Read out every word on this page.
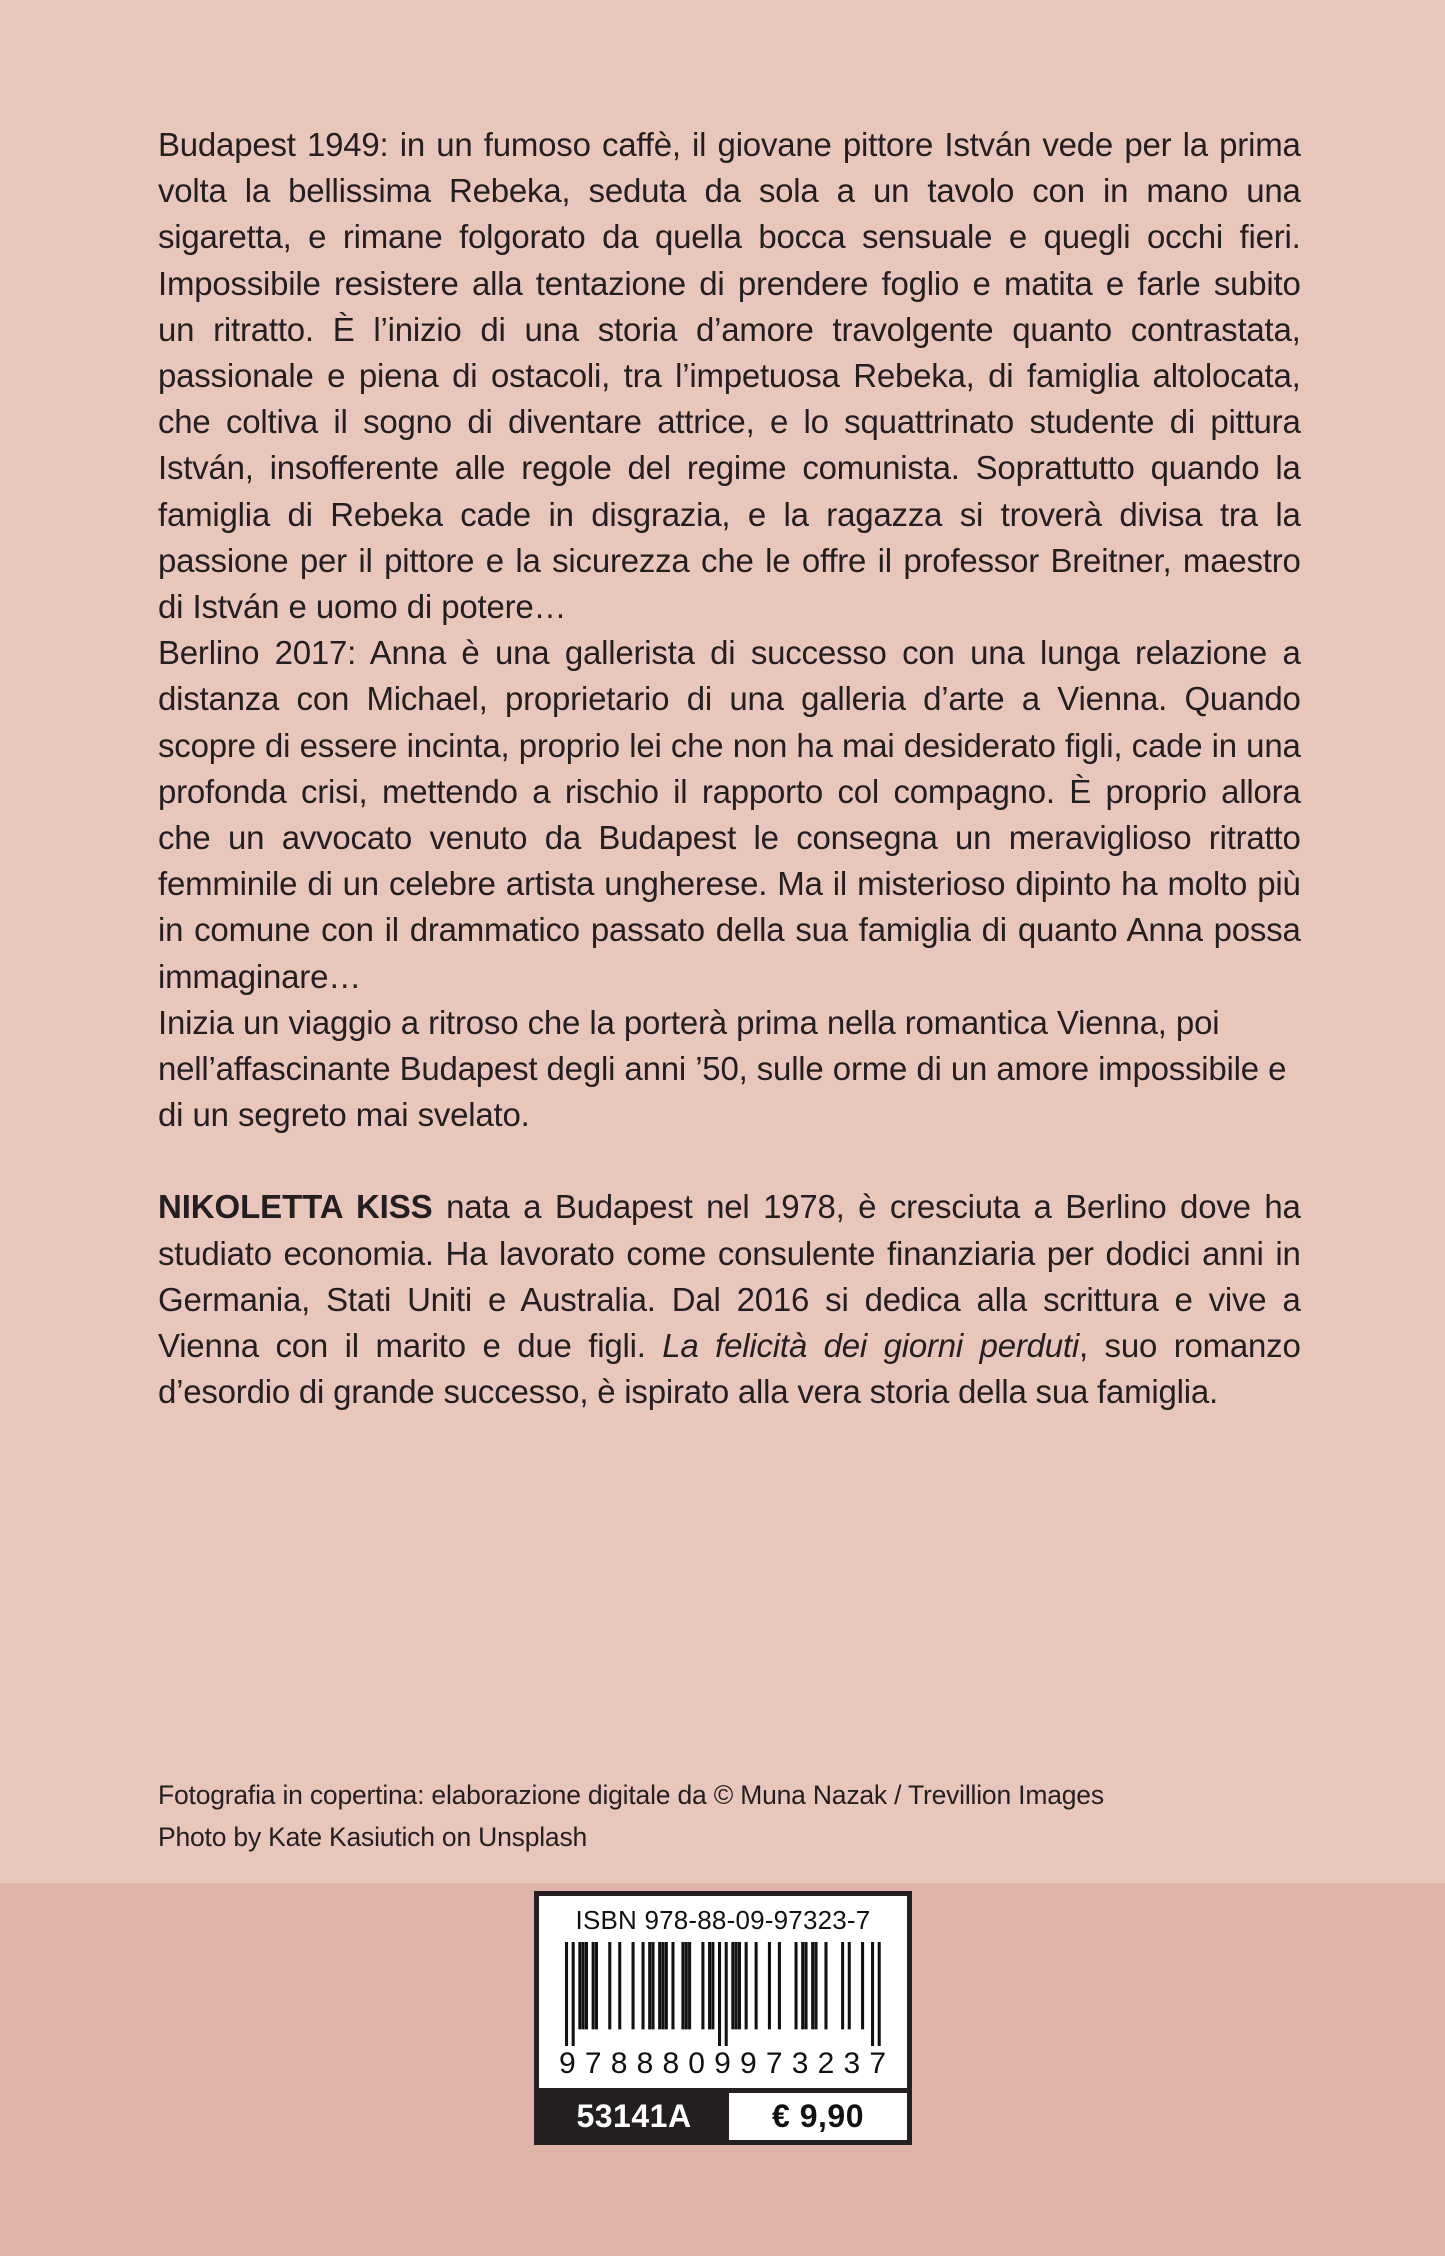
Budapest 1949: in un fumoso caffè, il giovane pittore István vede per la prima volta la bellissima Rebeka, seduta da sola a un tavolo con in mano una sigaretta, e rimane folgorato da quella bocca sensuale e quegli occhi fieri. Impossibile resistere alla tentazione di prendere foglio e matita e farle subito un ritratto. È l’inizio di una storia d’amore travolgente quanto contrastata, passionale e piena di ostacoli, tra l’impetuosa Rebeka, di famiglia altolocata, che coltiva il sogno di diventare attrice, e lo squattrinato studente di pittura István, insofferente alle regole del regime comunista. Soprattutto quando la famiglia di Rebeka cade in disgrazia, e la ragazza si troverà divisa tra la passione per il pittore e la sicurezza che le offre il professor Breitner, maestro di István e uomo di potere…

Berlino 2017: Anna è una gallerista di successo con una lunga relazione a distanza con Michael, proprietario di una galleria d’arte a Vienna. Quando scopre di essere incinta, proprio lei che non ha mai desiderato figli, cade in una profonda crisi, mettendo a rischio il rapporto col compagno. È proprio allora che un avvocato venuto da Budapest le consegna un meraviglioso ritratto femminile di un celebre artista ungherese. Ma il misterioso dipinto ha molto più in comune con il drammatico passato della sua famiglia di quanto Anna possa immaginare…

Inizia un viaggio a ritroso che la porterà prima nella romantica Vienna, poi nell’affascinante Budapest degli anni ’50, sulle orme di un amore impossibile e di un segreto mai svelato.

NIKOLETTA KISS nata a Budapest nel 1978, è cresciuta a Berlino dove ha studiato economia. Ha lavorato come consulente finanziaria per dodici anni in Germania, Stati Uniti e Australia. Dal 2016 si dedica alla scrittura e vive a Vienna con il marito e due figli. La felicità dei giorni perduti, suo romanzo d’esordio di grande successo, è ispirato alla vera storia della sua famiglia.
Fotografia in copertina: elaborazione digitale da © Muna Nazak / Trevillion Images
Photo by Kate Kasiutich on Unsplash
ISBN 978-88-09-97323-7
9 7 8 8 8 0 9 9 7 3 2 3 7
53141A	€ 9,90
